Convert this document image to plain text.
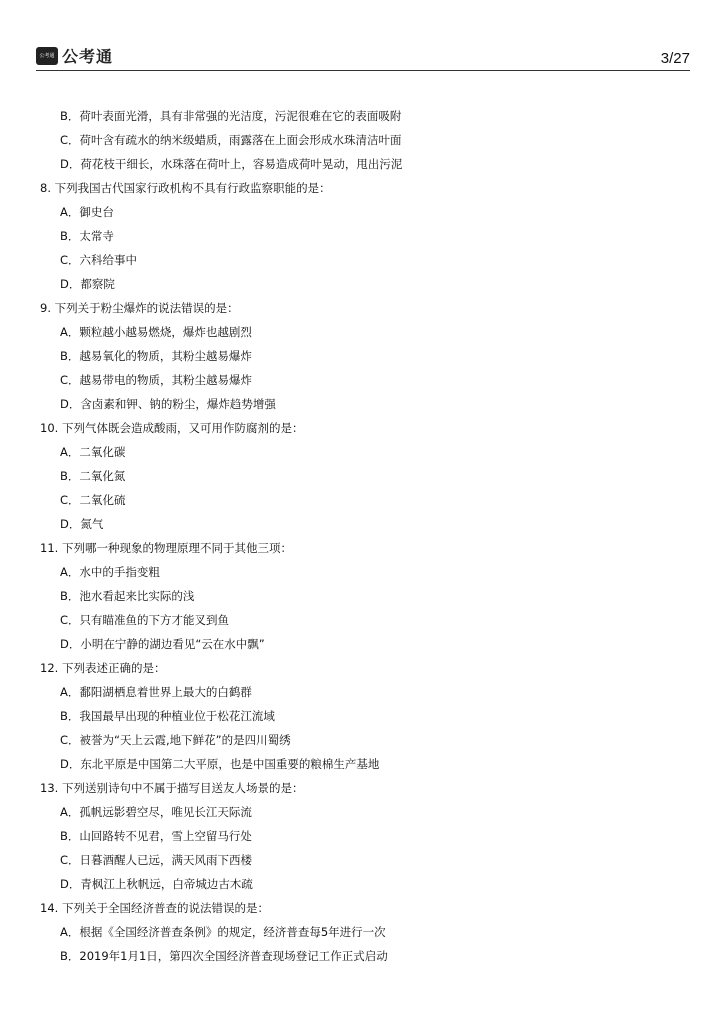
公考通 公考通	3/27
B．荷叶表面光滑，具有非常强的光洁度，污泥很难在它的表面吸附
C．荷叶含有疏水的纳米级蜡质，雨露落在上面会形成水珠清洁叶面
D．荷花枝干细长，水珠落在荷叶上，容易造成荷叶晃动，甩出污泥
8. 下列我国古代国家行政机构不具有行政监察职能的是：
A．御史台
B．太常寺
C．六科给事中
D．都察院
9. 下列关于粉尘爆炸的说法错误的是：
A．颗粒越小越易燃烧，爆炸也越剧烈
B．越易氧化的物质，其粉尘越易爆炸
C．越易带电的物质，其粉尘越易爆炸
D．含卤素和钾、钠的粉尘，爆炸趋势增强
10. 下列气体既会造成酸雨，又可用作防腐剂的是：
A．二氧化碳
B．二氧化氮
C．二氧化硫
D．氮气
11. 下列哪一种现象的物理原理不同于其他三项：
A．水中的手指变粗
B．池水看起来比实际的浅
C．只有瞄准鱼的下方才能叉到鱼
D．小明在宁静的湖边看见“云在水中飘”
12. 下列表述正确的是：
A．鄱阳湖栖息着世界上最大的白鹤群
B．我国最早出现的种植业位于松花江流域
C．被誉为“天上云霞,地下鲜花”的是四川蜀绣
D．东北平原是中国第二大平原，也是中国重要的粮棉生产基地
13. 下列送别诗句中不属于描写目送友人场景的是：
A．孤帆远影碧空尽，唯见长江天际流
B．山回路转不见君，雪上空留马行处
C．日暮酒醒人已远，满天风雨下西楼
D．青枫江上秋帆远，白帝城边古木疏
14. 下列关于全国经济普查的说法错误的是：
A．根据《全国经济普查条例》的规定，经济普查每5年进行一次
B．2019年1月1日，第四次全国经济普查现场登记工作正式启动
